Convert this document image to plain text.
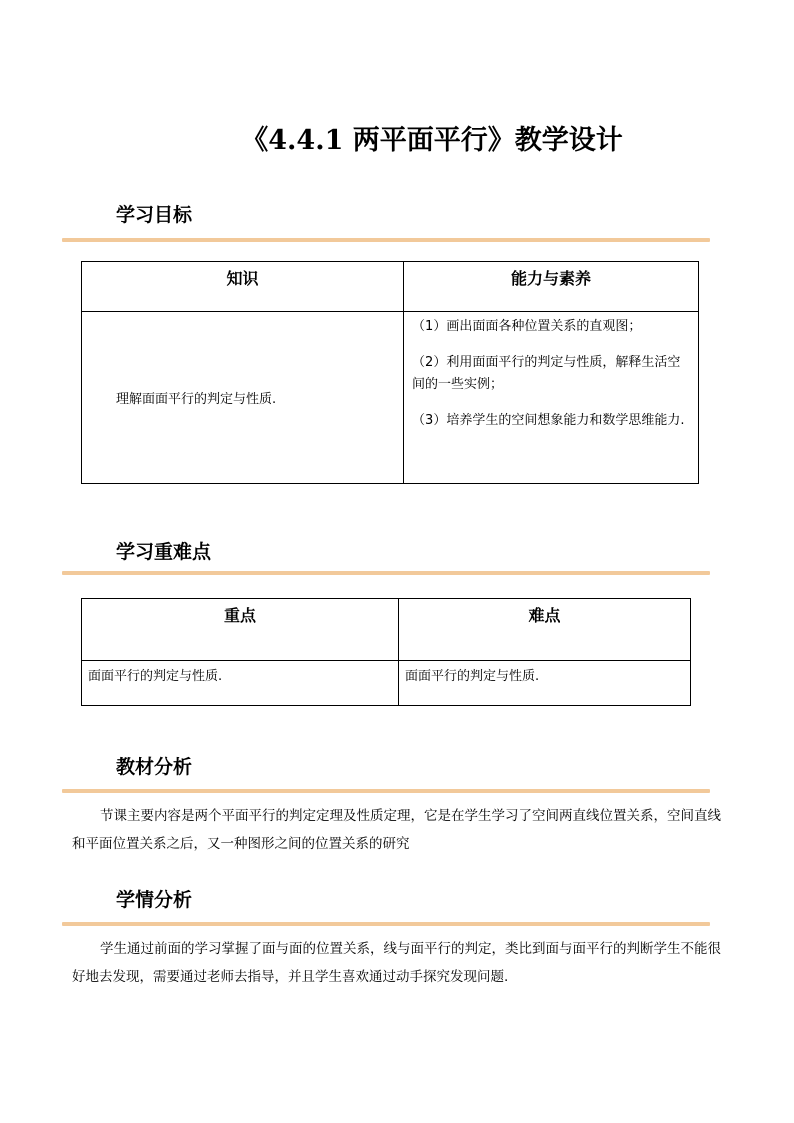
《4.4.1 两平面平行》教学设计
学习目标
知识	能力与素养
理解面面平行的判定与性质.	（1）画出面面各种位置关系的直观图；

（2）利用面面平行的判定与性质，解释生活空间的一些实例；

（3）培养学生的空间想象能力和数学思维能力.

学习重难点
重点	难点
面面平行的判定与性质.	面面平行的判定与性质.
教材分析

节课主要内容是两个平面平行的判定定理及性质定理，它是在学生学习了空间两直线位置关系，空间直线和平面位置关系之后，又一种图形之间的位置关系的研究

学情分析

学生通过前面的学习掌握了面与面的位置关系，线与面平行的判定，类比到面与面平行的判断学生不能很好地去发现，需要通过老师去指导，并且学生喜欢通过动手探究发现问题.
